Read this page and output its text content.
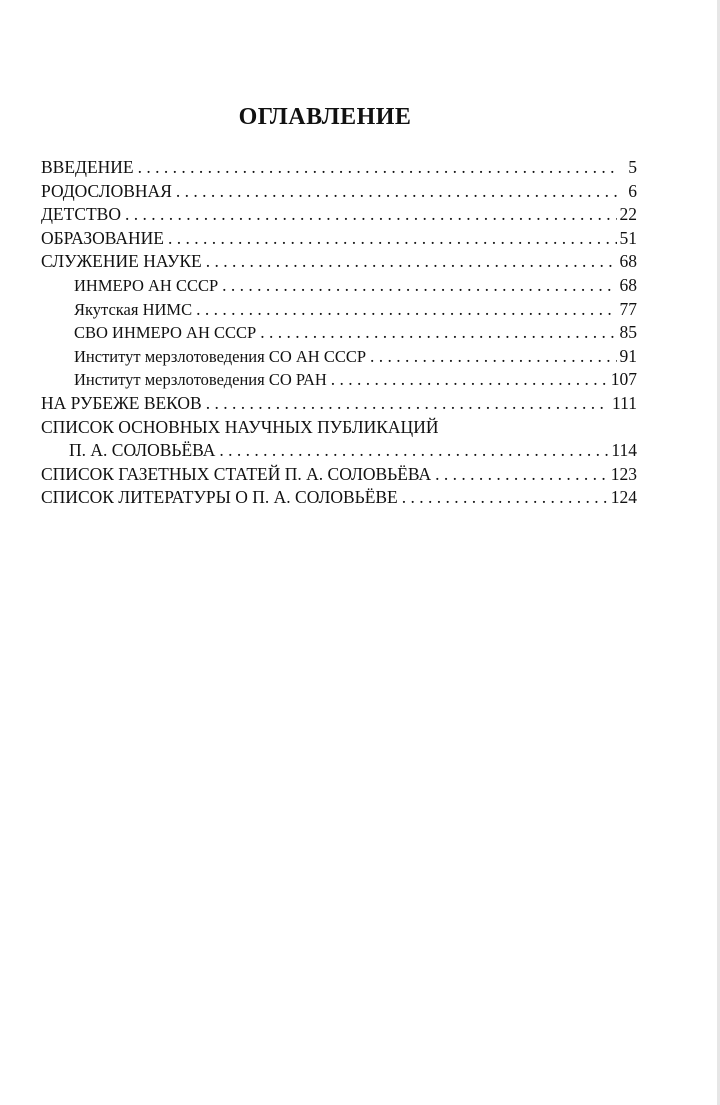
ОГЛАВЛЕНИЕ
ВВЕДЕНИЕ . . .	5
РОДОСЛОВНАЯ . . .	6
ДЕТСТВО . . .	22
ОБРАЗОВАНИЕ . . .	51
СЛУЖЕНИЕ НАУКЕ . . .	68
ИНМЕРО АН СССР . . .	68
Якутская НИМС . . .	77
СВО ИНМЕРО АН СССР . . .	85
Институт мерзлотоведения СО АН СССР . . .	91
Институт мерзлотоведения СО РАН . . .	107
НА РУБЕЖЕ ВЕКОВ . . .	111
СПИСОК ОСНОВНЫХ НАУЧНЫХ ПУБЛИКАЦИЙ
П. А. СОЛОВЬЁВА . . .	114
СПИСОК ГАЗЕТНЫХ СТАТЕЙ П. А. СОЛОВЬЁВА . . .	123
СПИСОК ЛИТЕРАТУРЫ О П. А. СОЛОВЬЁВЕ . . .	124
